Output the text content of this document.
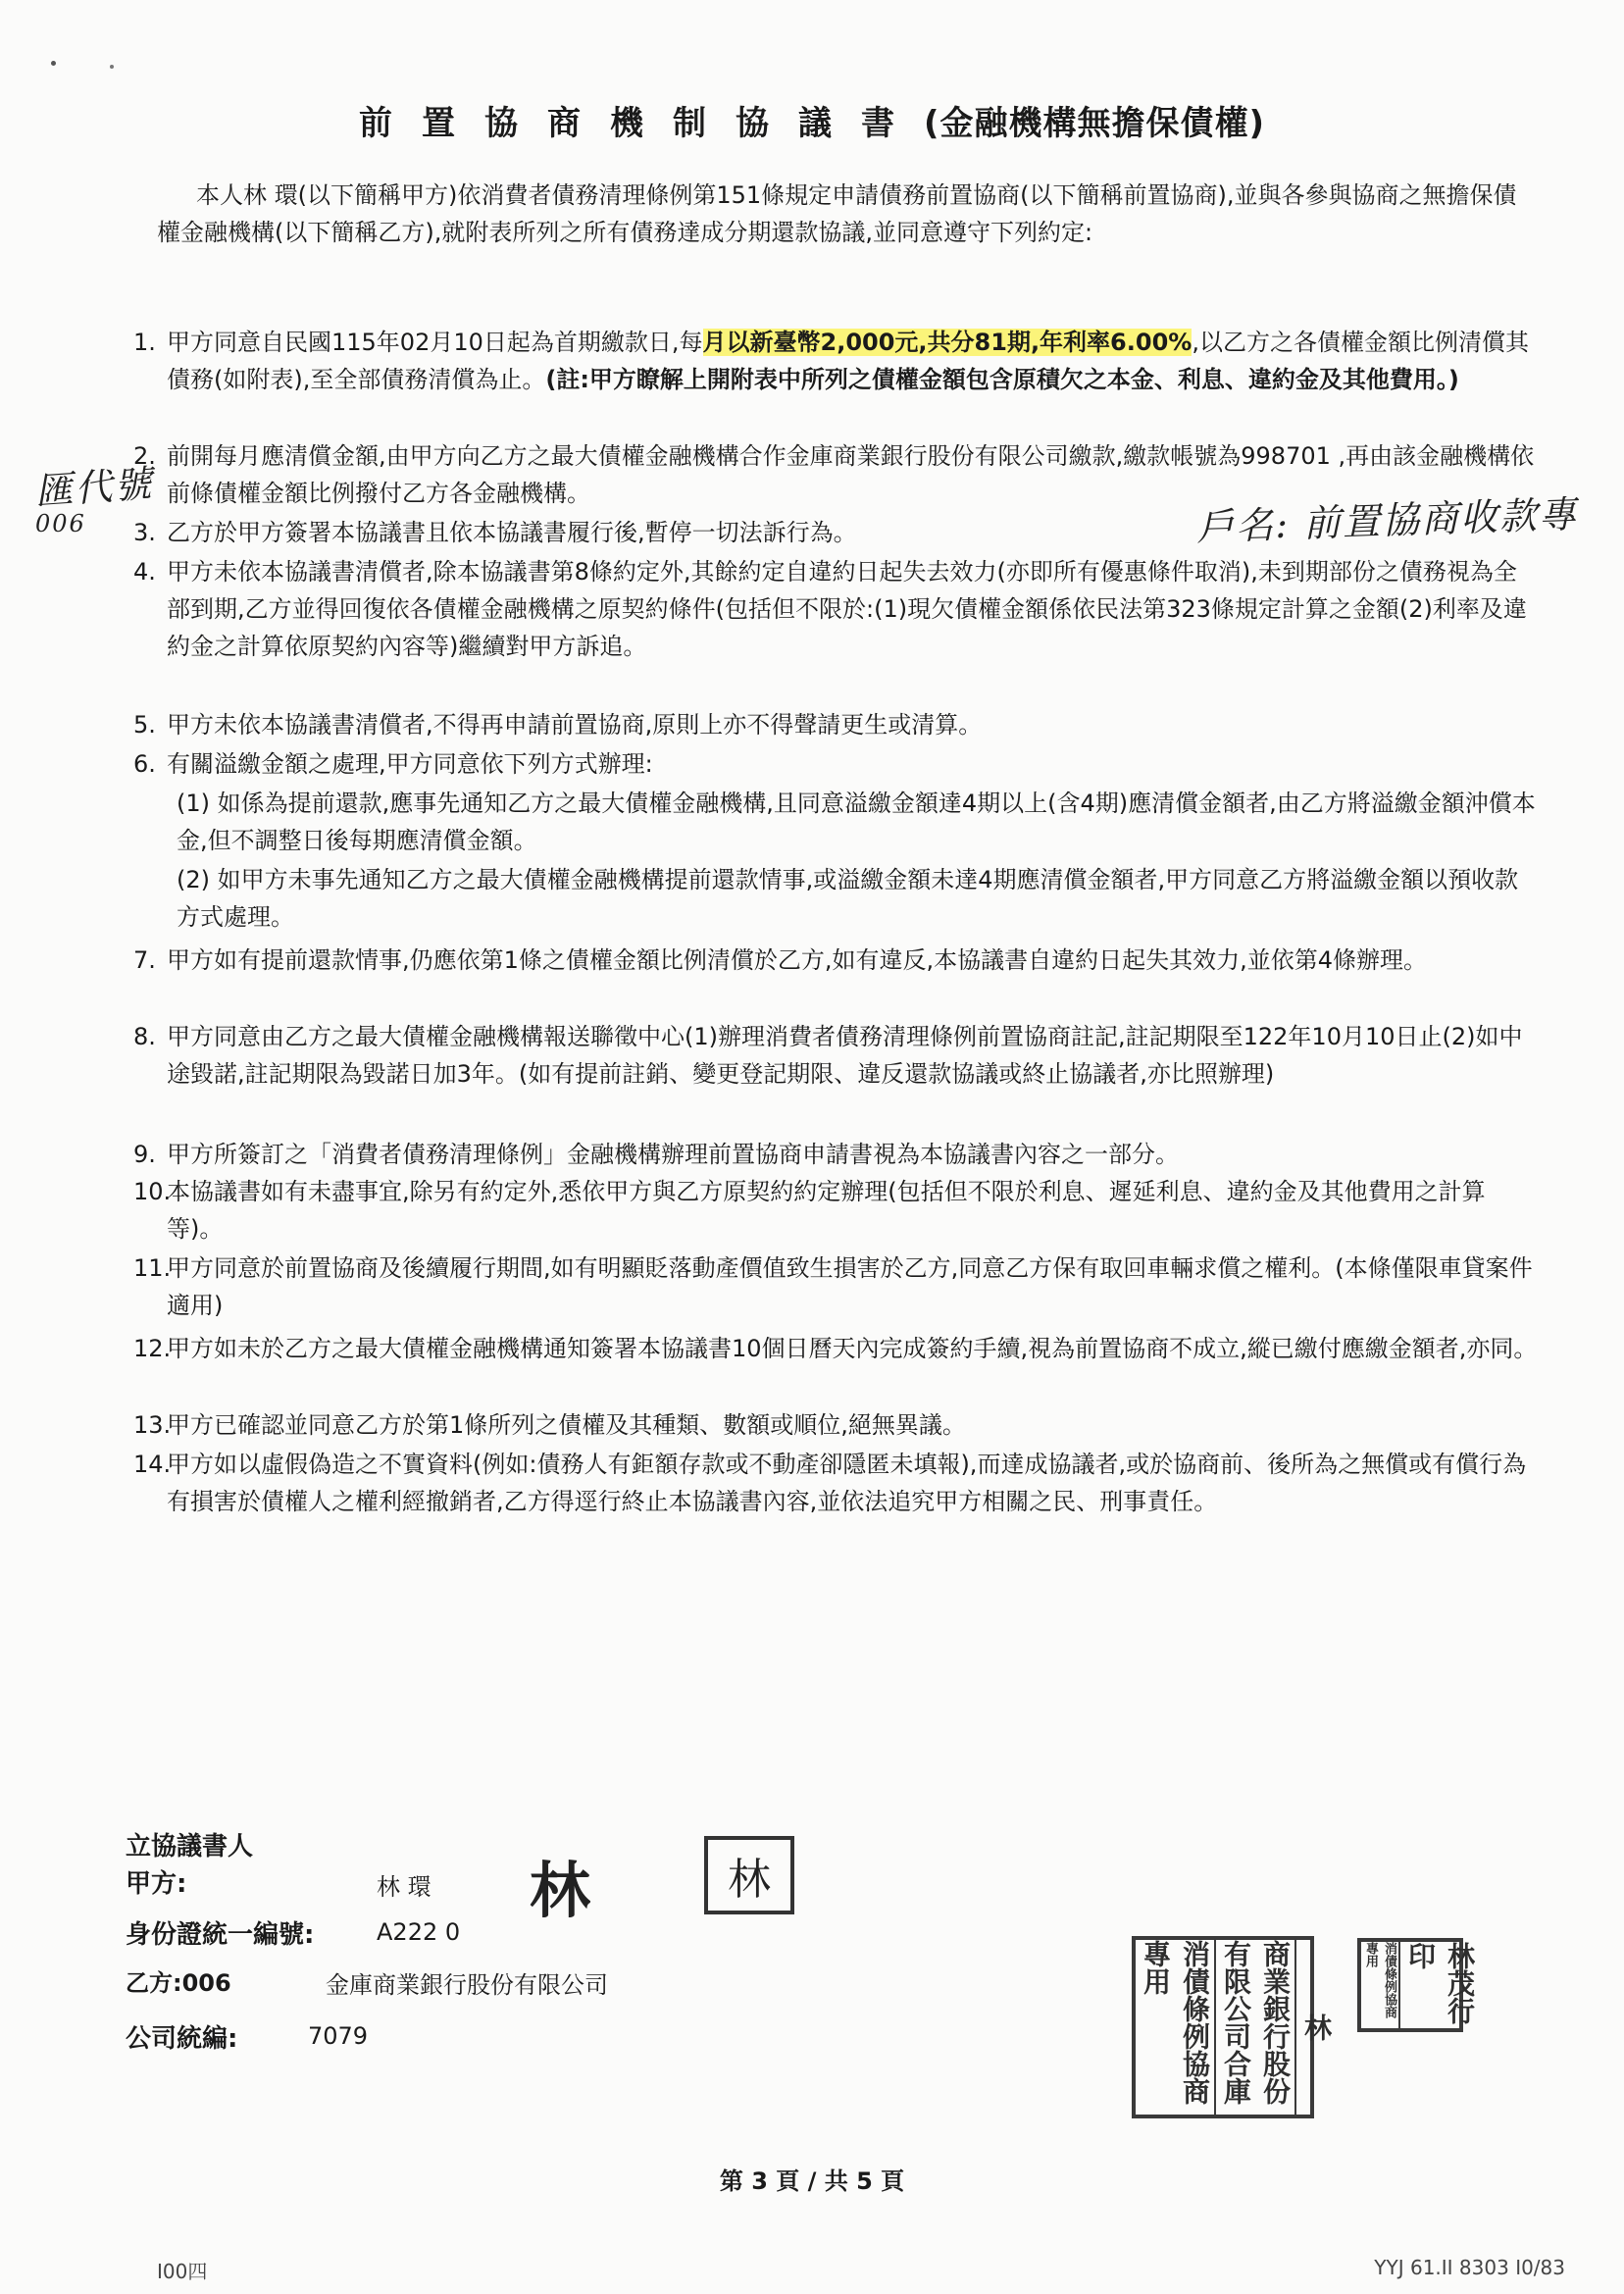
前置協商機制協議書(金融機構無擔保債權)
本人林 環(以下簡稱甲方)依消費者債務清理條例第151條規定申請債務前置協商(以下簡稱前置協商),並與各參與協商之無擔保債權金融機構(以下簡稱乙方),就附表所列之所有債務達成分期還款協議,並同意遵守下列約定:
1. 甲方同意自民國115年02月10日起為首期繳款日,每月以新臺幣2,000元,共分81期,年利率6.00%,以乙方之各債權金額比例清償其債務(如附表),至全部債務清償為止。(註:甲方瞭解上開附表中所列之債權金額包含原積欠之本金、利息、違約金及其他費用。)
2. 前開每月應清償金額,由甲方向乙方之最大債權金融機構合作金庫商業銀行股份有限公司繳款,繳款帳號為998701 ,再由該金融機構依前條債權金額比例撥付乙方各金融機構。
3. 乙方於甲方簽署本協議書且依本協議書履行後,暫停一切法訴行為。
4. 甲方未依本協議書清償者,除本協議書第8條約定外,其餘約定自違約日起失去效力(亦即所有優惠條件取消),未到期部份之債務視為全部到期,乙方並得回復依各債權金融機構之原契約條件(包括但不限於:(1)現欠債權金額係依民法第323條規定計算之金額(2)利率及違約金之計算依原契約內容等)繼續對甲方訴追。
5. 甲方未依本協議書清償者,不得再申請前置協商,原則上亦不得聲請更生或清算。
6. 有關溢繳金額之處理,甲方同意依下列方式辦理:
(1) 如係為提前還款,應事先通知乙方之最大債權金融機構,且同意溢繳金額達4期以上(含4期)應清償金額者,由乙方將溢繳金額沖償本金,但不調整日後每期應清償金額。
(2) 如甲方未事先通知乙方之最大債權金融機構提前還款情事,或溢繳金額未達4期應清償金額者,甲方同意乙方將溢繳金額以預收款方式處理。
7. 甲方如有提前還款情事,仍應依第1條之債權金額比例清償於乙方,如有違反,本協議書自違約日起失其效力,並依第4條辦理。
8. 甲方同意由乙方之最大債權金融機構報送聯徵中心(1)辦理消費者債務清理條例前置協商註記,註記期限至122年10月10日止(2)如中途毀諾,註記期限為毀諾日加3年。(如有提前註銷、變更登記期限、違反還款協議或終止協議者,亦比照辦理)
9. 甲方所簽訂之「消費者債務清理條例」金融機構辦理前置協商申請書視為本協議書內容之一部分。
10.
本協議書如有未盡事宜,除另有約定外,悉依甲方與乙方原契約約定辦理(包括但不限於利息、遲延利息、違約金及其他費用之計算等)。
11.
甲方同意於前置協商及後續履行期間,如有明顯貶落動產價值致生損害於乙方,同意乙方保有取回車輛求償之權利。(本條僅限車貸案件適用)
12.
甲方如未於乙方之最大債權金融機構通知簽署本協議書10個日曆天內完成簽約手續,視為前置協商不成立,縱已繳付應繳金額者,亦同。
13.
甲方已確認並同意乙方於第1條所列之債權及其種類、數額或順位,絕無異議。
14.
甲方如以虛假偽造之不實資料(例如:債務人有鉅額存款或不動產卻隱匿未填報),而達成協議者,或於協商前、後所為之無償或有償行為有損害於債權人之權利經撤銷者,乙方得逕行終止本協議書內容,並依法追究甲方相關之民、刑事責任。
匯代號
006	戶名: 前置協商收款專
立協議書人
甲方:	林 環 林	林
身份證統一編號:	A222 0
乙方:006	金庫商業銀行股份有限公司
公司統編:	7079	消債條例協商專用	商業銀行股份有限公司合庫	林
消債條例協商專用	林茂行印
第 3 頁 / 共 5 頁
I00四	YYJ 61.II 8303 I0/83
